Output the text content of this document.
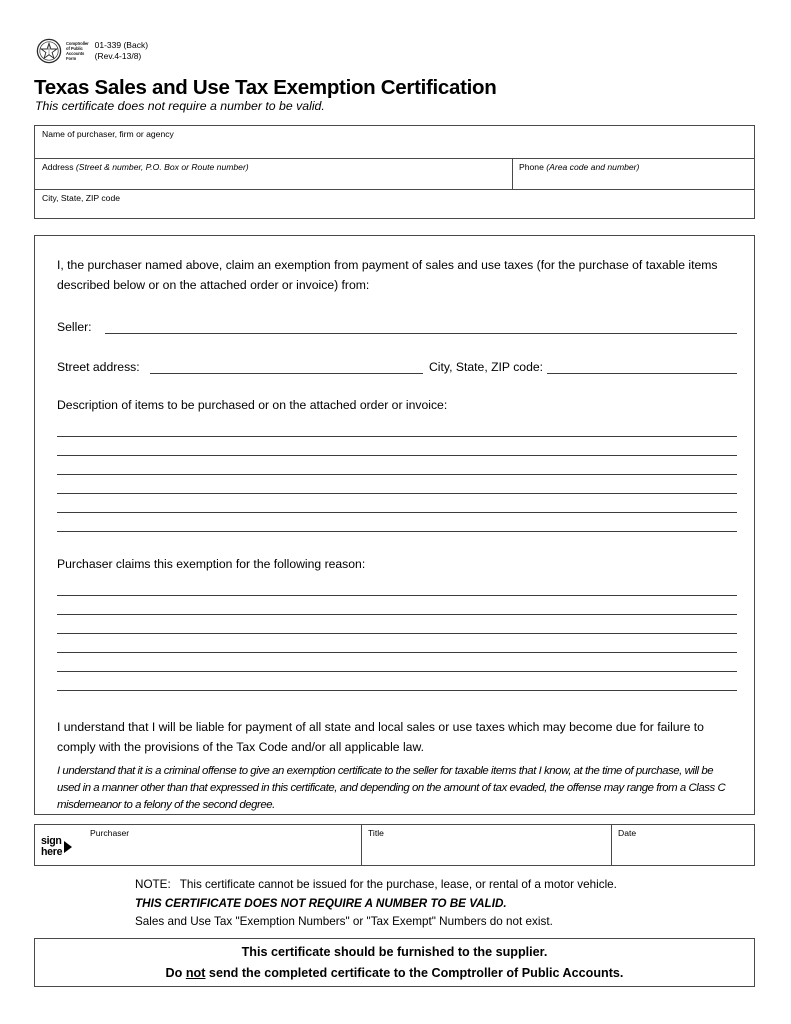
Comptroller
of Public
Accounts
Form
01-339 (Back)
(Rev.4-13/8)
Texas Sales and Use Tax Exemption Certification
This certificate does not require a number to be valid.
Name of purchaser, firm or agency
Address (Street & number, P.O. Box or Route number)	Phone (Area code and number)
City, State, ZIP code
I, the purchaser named above, claim an exemption from payment of sales and use taxes (for the purchase of taxable items described below or on the attached order or invoice) from:
Seller:
Street address:	City, State, ZIP code:
Description of items to be purchased or on the attached order or invoice:
Purchaser claims this exemption for the following reason:
I understand that I will be liable for payment of all state and local sales or use taxes which may become due for failure to comply with the provisions of the Tax Code and/or all applicable law.
I understand that it is a criminal offense to give an exemption certificate to the seller for taxable items that I know, at the time of purchase, will be used in a manner other than that expressed in this certificate, and depending on the amount of tax evaded, the offense may range from a Class C misdemeanor to a felony of the second degree.
sign
here
Purchaser	Title	Date
NOTE: This certificate cannot be issued for the purchase, lease, or rental of a motor vehicle.
THIS CERTIFICATE DOES NOT REQUIRE A NUMBER TO BE VALID.
Sales and Use Tax "Exemption Numbers" or "Tax Exempt" Numbers do not exist.
This certificate should be furnished to the supplier.
Do not send the completed certificate to the Comptroller of Public Accounts.
